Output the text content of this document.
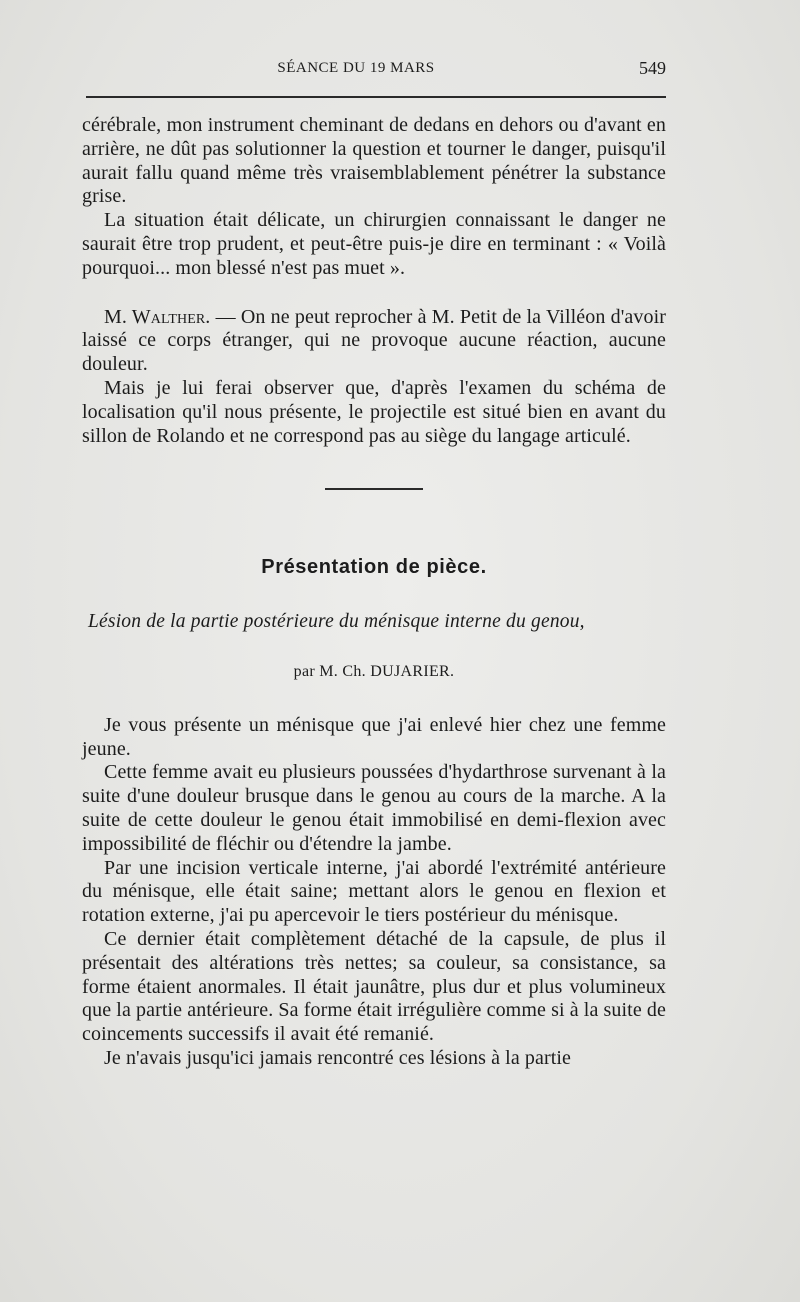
SÉANCE DU 19 MARS	549

cérébrale, mon instrument cheminant de dedans en dehors ou d'avant en arrière, ne dût pas solutionner la question et tourner le danger, puisqu'il aurait fallu quand même très vraisemblablement pénétrer la substance grise.

La situation était délicate, un chirurgien connaissant le danger ne saurait être trop prudent, et peut-être puis-je dire en terminant : « Voilà pourquoi... mon blessé n'est pas muet ».

M. Walther. — On ne peut reprocher à M. Petit de la Villéon d'avoir laissé ce corps étranger, qui ne provoque aucune réaction, aucune douleur.

Mais je lui ferai observer que, d'après l'examen du schéma de localisation qu'il nous présente, le projectile est situé bien en avant du sillon de Rolando et ne correspond pas au siège du langage articulé.

Présentation de pièce.
Lésion de la partie postérieure du ménisque interne du genou,
par M. Ch. DUJARIER.

Je vous présente un ménisque que j'ai enlevé hier chez une femme jeune.

Cette femme avait eu plusieurs poussées d'hydarthrose survenant à la suite d'une douleur brusque dans le genou au cours de la marche. A la suite de cette douleur le genou était immobilisé en demi-flexion avec impossibilité de fléchir ou d'étendre la jambe.

Par une incision verticale interne, j'ai abordé l'extrémité antérieure du ménisque, elle était saine; mettant alors le genou en flexion et rotation externe, j'ai pu apercevoir le tiers postérieur du ménisque.

Ce dernier était complètement détaché de la capsule, de plus il présentait des altérations très nettes; sa couleur, sa consistance, sa forme étaient anormales. Il était jaunâtre, plus dur et plus volumineux que la partie antérieure. Sa forme était irrégulière comme si à la suite de coincements successifs il avait été remanié.

Je n'avais jusqu'ici jamais rencontré ces lésions à la partie
